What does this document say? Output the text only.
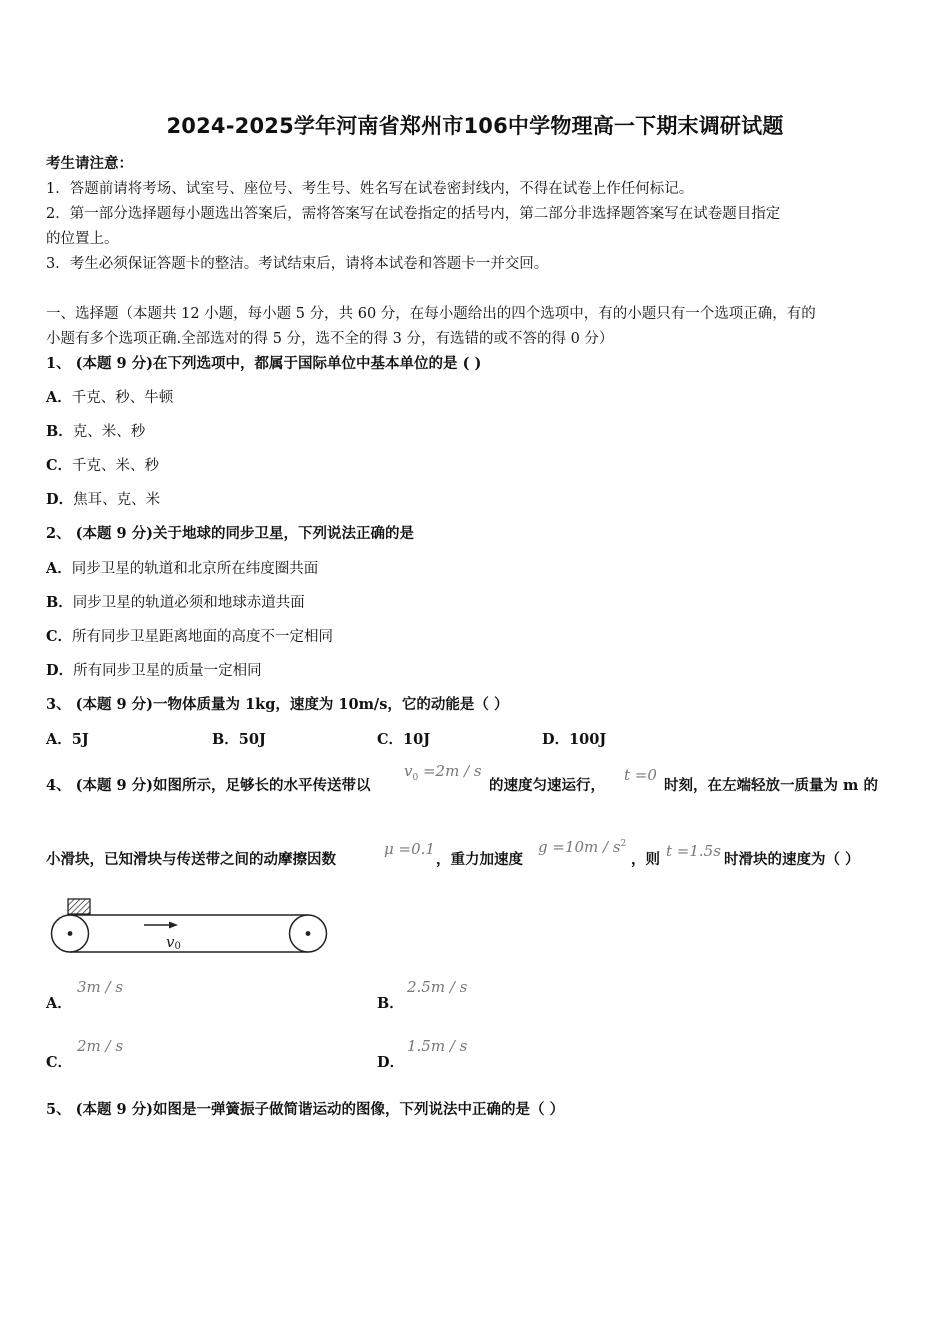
2024-2025学年河南省郑州市106中学物理高一下期末调研试题
考生请注意：
1．答题前请将考场、试室号、座位号、考生号、姓名写在试卷密封线内，不得在试卷上作任何标记。
2．第一部分选择题每小题选出答案后，需将答案写在试卷指定的括号内，第二部分非选择题答案写在试卷题目指定
的位置上。
3．考生必须保证答题卡的整洁。考试结束后，请将本试卷和答题卡一并交回。
一、选择题（本题共 12 小题，每小题 5 分，共 60 分，在每小题给出的四个选项中，有的小题只有一个选项正确，有的
小题有多个选项正确.全部选对的得 5 分，选不全的得 3 分，有选错的或不答的得 0 分）
1、 (本题 9 分)在下列选项中，都属于国际单位中基本单位的是 ( )
A．千克、秒、牛顿
B．克、米、秒
C．千克、米、秒
D．焦耳、克、米
2、 (本题 9 分)关于地球的同步卫星，下列说法正确的是
A．同步卫星的轨道和北京所在纬度圈共面
B．同步卫星的轨道必须和地球赤道共面
C．所有同步卫星距离地面的高度不一定相同
D．所有同步卫星的质量一定相同
3、 (本题 9 分)一物体质量为 1kg，速度为 10m/s，它的动能是（ ）
A．5J	B．50J	C．10J	D．100J
4、 (本题 9 分)如图所示，足够长的水平传送带以
$v_0 =2m / s$
的速度匀速运行，
t =0
时刻，在左端轻放一质量为 m 的
小滑块，已知滑块与传送带之间的动摩擦因数
μ =0.1
，重力加速度
$g =10m / s^2$
，则 t =1.5s 时滑块的速度为（ ）
v0
A．
3m / s
B．
2.5m / s
C．
2m / s
D．
1.5m / s
5、 (本题 9 分)如图是一弹簧振子做简谐运动的图像，下列说法中正确的是（ ）
